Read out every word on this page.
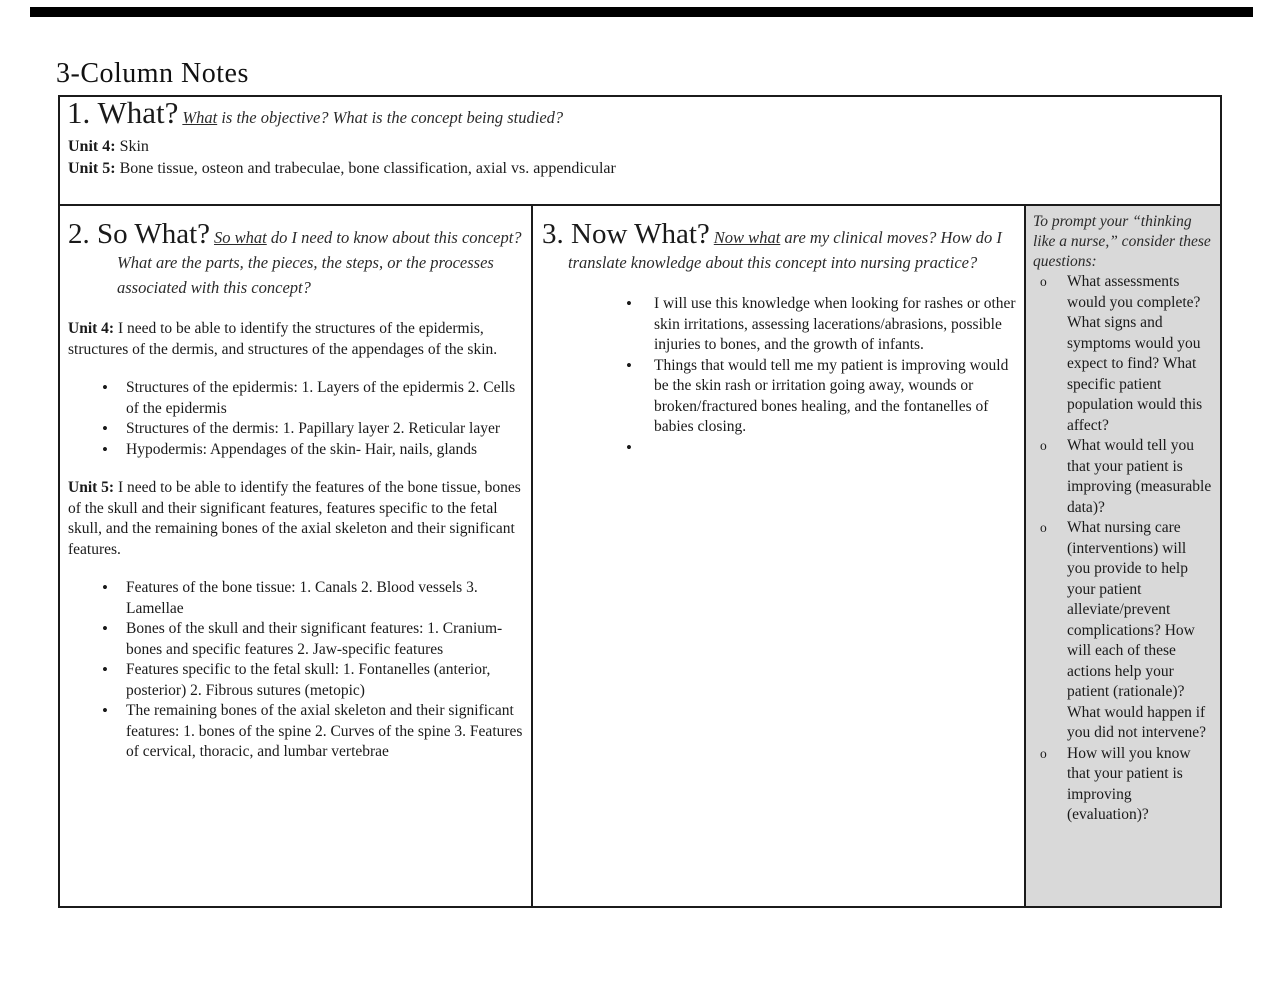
3-Column Notes

1. What? What is the objective? What is the concept being studied?

Unit 4: Skin

Unit 5: Bone tissue, osteon and trabeculae, bone classification, axial vs. appendicular

2. So What? So what do I need to know about this concept? What are the parts, the pieces, the steps, or the processes associated with this concept?

Unit 4: I need to be able to identify the structures of the epidermis, structures of the dermis, and structures of the appendages of the skin.

• Structures of the epidermis: 1. Layers of the epidermis 2. Cells of the epidermis
• Structures of the dermis: 1. Papillary layer 2. Reticular layer
• Hypodermis: Appendages of the skin- Hair, nails, glands

Unit 5: I need to be able to identify the features of the bone tissue, bones of the skull and their significant features, features specific to the fetal skull, and the remaining bones of the axial skeleton and their significant features.

• Features of the bone tissue: 1. Canals 2. Blood vessels 3. Lamellae
• Bones of the skull and their significant features: 1. Cranium-bones and specific features 2. Jaw-specific features
• Features specific to the fetal skull: 1. Fontanelles (anterior, posterior) 2. Fibrous sutures (metopic)
• The remaining bones of the axial skeleton and their significant features: 1. bones of the spine 2. Curves of the spine 3. Features of cervical, thoracic, and lumbar vertebrae

3. Now What? Now what are my clinical moves? How do I translate knowledge about this concept into nursing practice?

• I will use this knowledge when looking for rashes or other skin irritations, assessing lacerations/abrasions, possible injuries to bones, and the growth of infants.
• Things that would tell me my patient is improving would be the skin rash or irritation going away, wounds or broken/fractured bones healing, and the fontanelles of babies closing.
•

To prompt your “thinking like a nurse,” consider these questions:

o What assessments would you complete? What signs and symptoms would you expect to find? What specific patient population would this affect?
o What would tell you that your patient is improving (measurable data)?
o What nursing care (interventions) will you provide to help your patient alleviate/prevent complications? How will each of these actions help your patient (rationale)? What would happen if you did not intervene?
o How will you know that your patient is improving (evaluation)?
